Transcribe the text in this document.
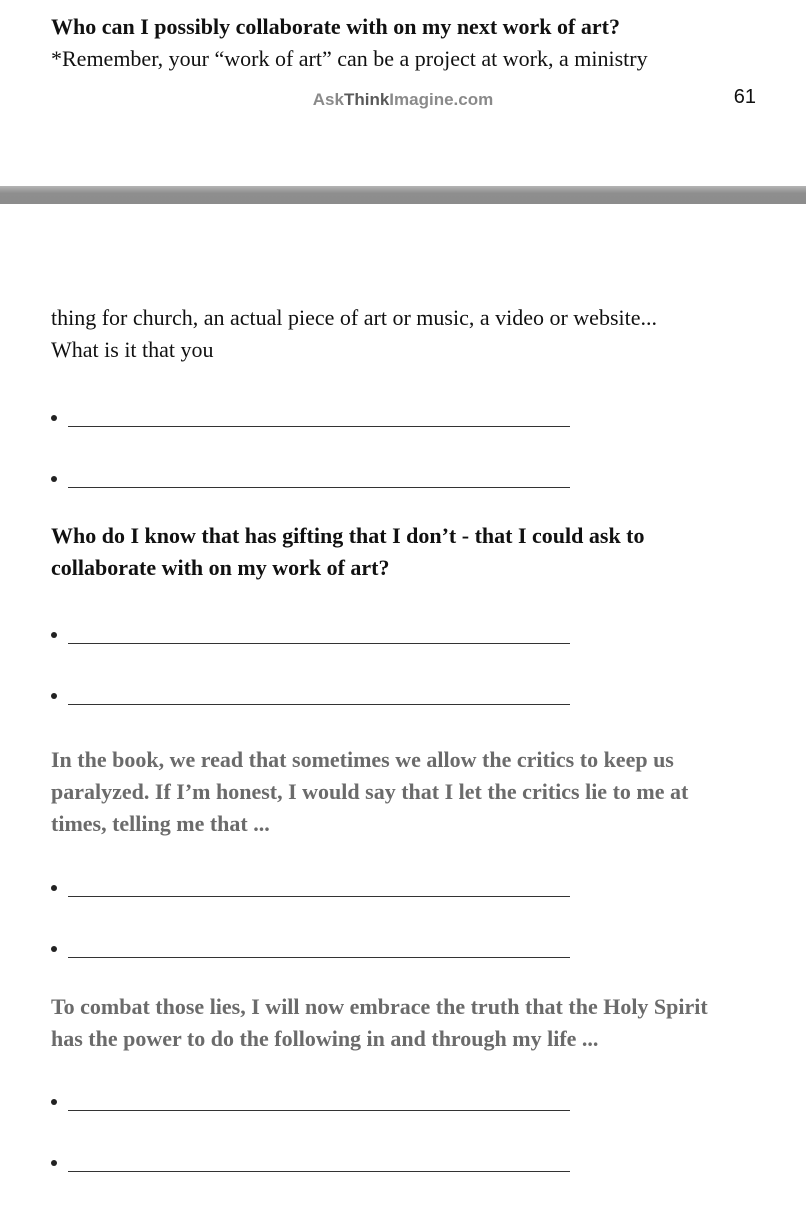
Who can I possibly collaborate with on my next work of art?

*Remember, your “work of art” can be a project at work, a ministry

AskThinkImagine.com	61

thing for church, an actual piece of art or music, a video or website...

What is it that you

Who do I know that has gifting that I don’t - that I could ask to

collaborate with on my work of art?

In the book, we read that sometimes we allow the critics to keep us

paralyzed. If I’m honest, I would say that I let the critics lie to me at

times, telling me that ...

To combat those lies, I will now embrace the truth that the Holy Spirit

has the power to do the following in and through my life ...
